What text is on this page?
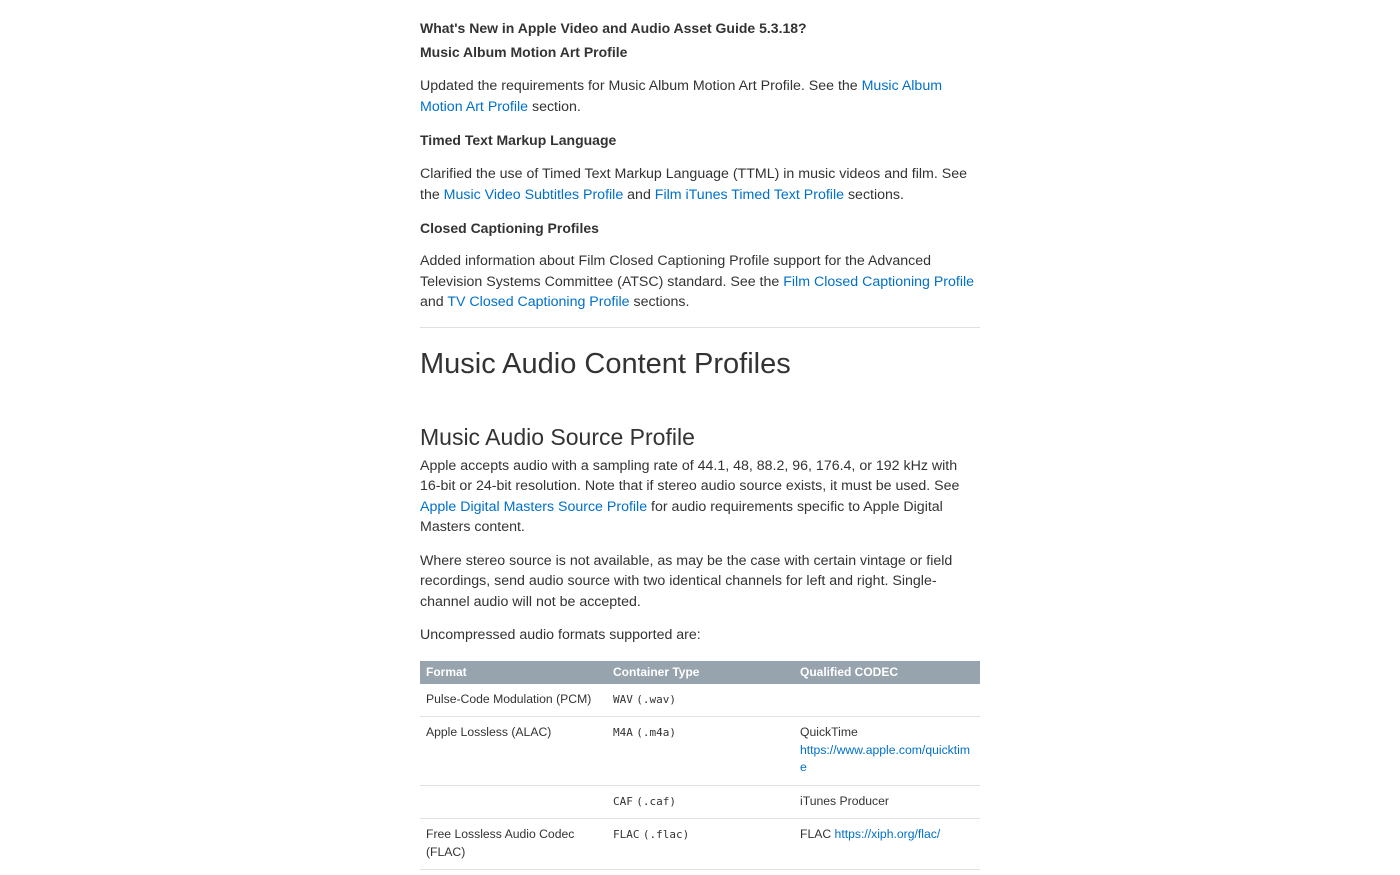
What's New in Apple Video and Audio Asset Guide 5.3.18?
Music Album Motion Art Profile

Updated the requirements for Music Album Motion Art Profile. See the Music Album Motion Art Profile section.

Timed Text Markup Language

Clarified the use of Timed Text Markup Language (TTML) in music videos and film. See the Music Video Subtitles Profile and Film iTunes Timed Text Profile sections.

Closed Captioning Profiles

Added information about Film Closed Captioning Profile support for the Advanced Television Systems Committee (ATSC) standard. See the Film Closed Captioning Profile and TV Closed Captioning Profile sections.

Music Audio Content Profiles
Music Audio Source Profile

Apple accepts audio with a sampling rate of 44.1, 48, 88.2, 96, 176.4, or 192 kHz with 16-bit or 24-bit resolution. Note that if stereo audio source exists, it must be used. See Apple Digital Masters Source Profile for audio requirements specific to Apple Digital Masters content.

Where stereo source is not available, as may be the case with certain vintage or field recordings, send audio source with two identical channels for left and right. Single-channel audio will not be accepted.

Uncompressed audio formats supported are:

Format	Container Type	Qualified CODEC
Pulse-Code Modulation (PCM)	WAV (.wav)	
Apple Lossless (ALAC)	M4A (.m4a)	QuickTime
https://www.apple.com/quicktime
	CAF (.caf)	iTunes Producer
Free Lossless Audio Codec (FLAC)	FLAC (.flac)	FLAC https://xiph.org/flac/
